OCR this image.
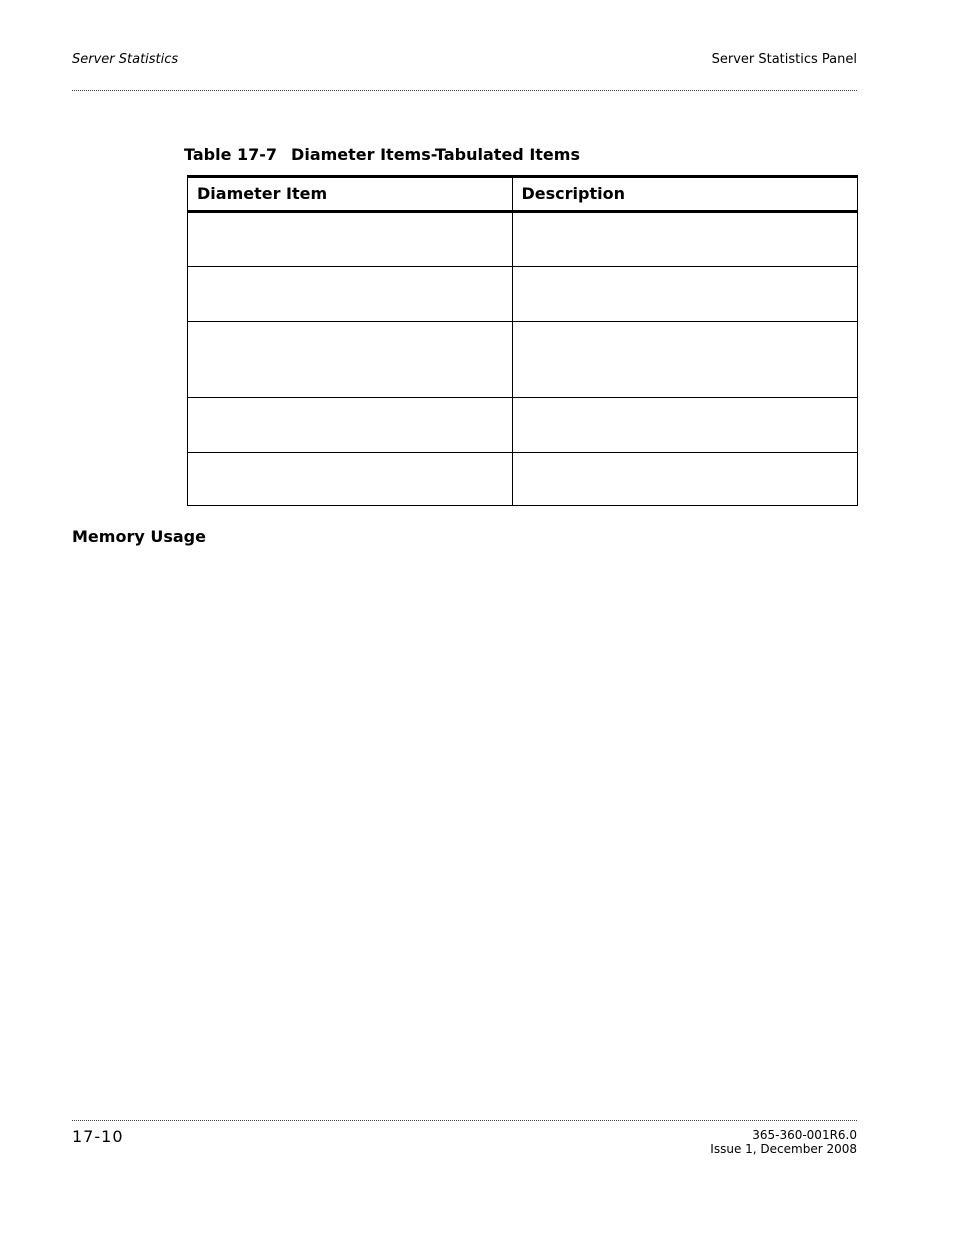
Server Statistics	Server Statistics Panel
Table 17-7 Diameter Items-Tabulated Items
Diameter Item	Description

Memory Usage
17-10	365-360-001R6.0
Issue 1, December 2008
